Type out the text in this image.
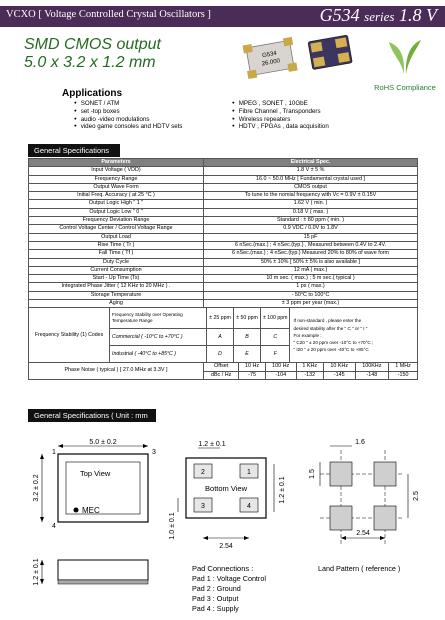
VCXO [ Voltage Controlled Crystal Oscillators ]	G534 series 1.8 V
SMD CMOS output
5.0 x 3.2 x 1.2 mm	G534
26.000
RoHS Compliance
Applications
● SONET / ATM
● set -top boxes
● audio -video modulations
● video game consoles and HDTV sets
● MPEG , SONET , 10GbE
● Fibre Channel , Transponders
● Wireless repeaters
● HDTV , FPGAs , data acquisition
General Specifications
Parameters	Electrical Spec.
Input Voltage ( VDD)	1.8 V ± 5 %
Frequency Range	16.0 ~ 50.0 MHz [ Fundamental crystal used ]
Output Wave Form	CMOS output
Initial Freq. Accuracy ( at 25 °C )	To tune to the nomial frequency with Vc = 0.9V ± 0.15V
Output Logic High " 1 "	1.62 V ( min. )
Output Logic Low " 0 "	0.18 V ( max. )
Frequency Deviation Range	Standard : ± 80 ppm ( min. )
Control Voltage Center / Control Voltage Range	0.9 VDC / 0.0V to 1.8V
Output Load	15 pF
Rise Time ( Tr )	6 nSec.(max.) ; 4 nSec.(typ.) , Measured between 0.4V to 2.4V.
Fall Time ( Tf )	6 nSec.(max.) ; 4 nSec.(typ.) Measured 20% to 80% of wave form
Duty Cycle	50% ± 10% [ 50% ± 5% is also available ]
Current Consumption	12 mA ( max.)
Start - Up Time (Ts)	10 m sec. ( max.) ; 5 m sec.( typical )
Integrated Phase Jitter ( 12 KHz to 20 MHz ) .	1 ps ( max.)
Storage Temperature	- 50°C to 100°C
Aging	± 3 ppm per year (max.)

Frequency Stability (1) Codes	Frequency Stability over Operating Temperature Range	± 25 ppm	± 50 ppm	± 100 ppm	
If non-standard , please enter the
desired stability after the " C " or " I "
For example :
" C20 " ± 20 ppm over -10°C to +70°C ;
" I20 " ± 20 ppm over -40°C to +85°C

Commercial ( -10°C to +70°C )	A	B	C
Industrial ( -40°C to +85°C )	D	E	F

Phase Noise ( typical ) [ 27.0 MHz at 3.3V ]	Offset	10 Hz	100 Hz	1 KHz	10 KHz	100KHz	1 MHz
dBc / Hz	-75	-104	-132	-145	-148	-150
General Specifications ( Unit : mm )
5.0 ± 0.2
1	3
4
Top View
MEC
3.2 ± 0.2
1.2 ± 0.1
1.2 ± 0.1
2	1
3	4
Bottom View
1.0 ± 0.1
1.2 ± 0.1
2.54
Pad Connections :
Pad 1 : Voltage Control
Pad 2 : Ground
Pad 3 : Output
Pad 4 : Supply
1.6
1.5
2.5
2.54
Land Pattern ( reference )
